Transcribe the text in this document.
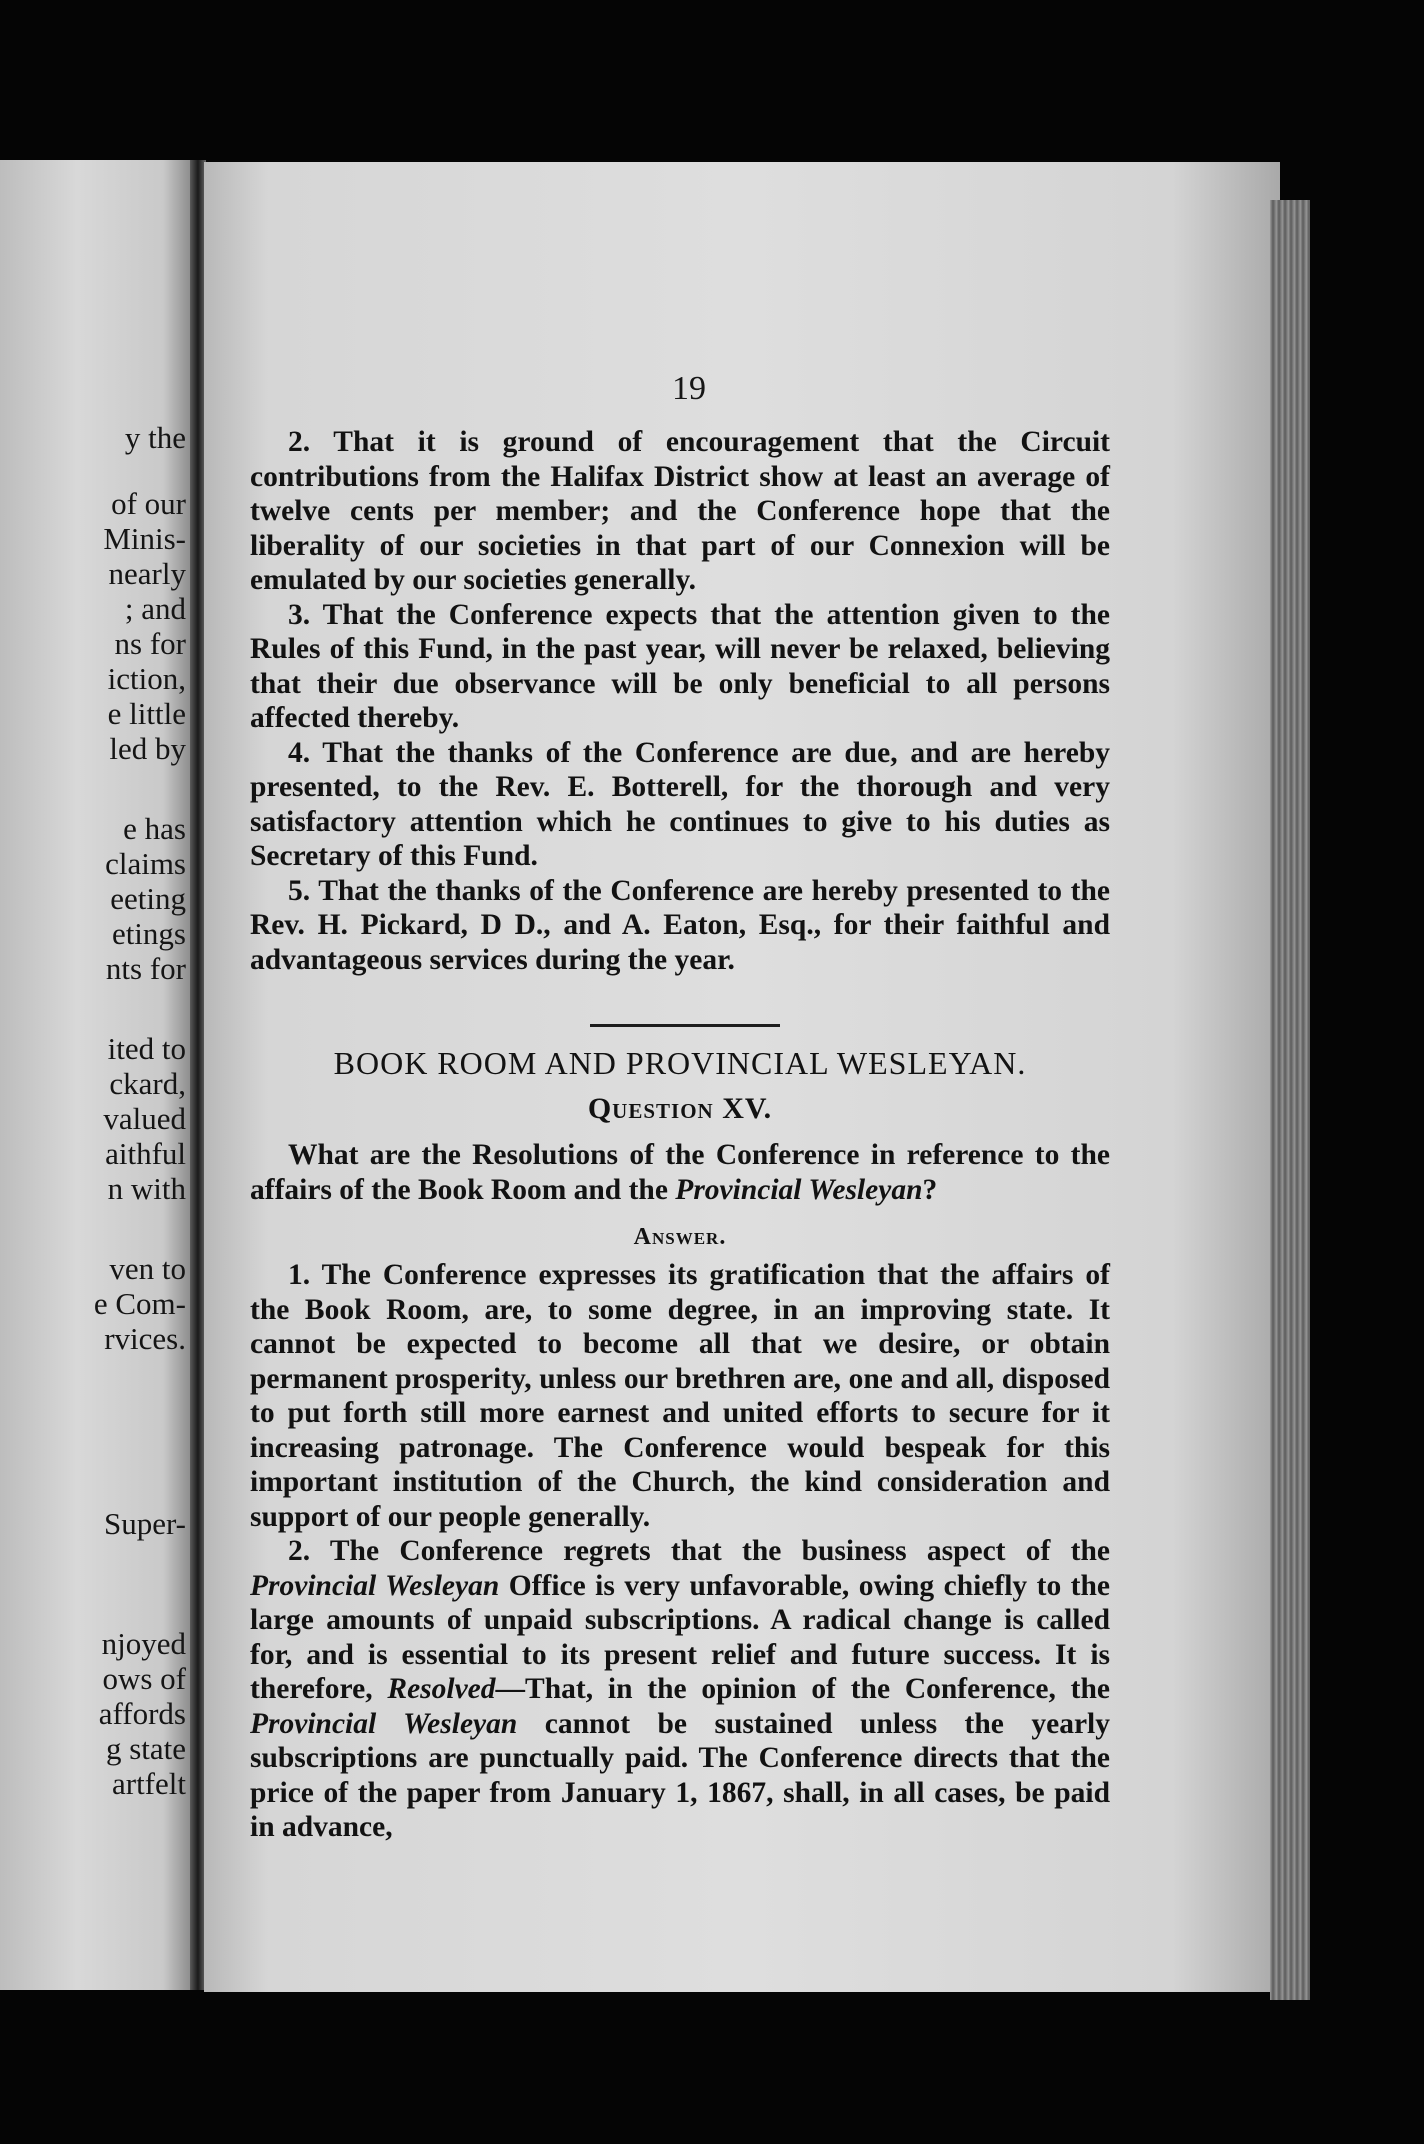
y the
of our
Minis-
nearly
; and
ns for
iction,
e little
led by
e has
claims
eeting
etings
nts for
ited to
ckard,
valued
aithful
n with
ven to
e Com-
rvices.
Super-
njoyed
ows of
affords
g state
artfelt
19

2. That it is ground of encouragement that the Circuit contributions from the Halifax District show at least an average of twelve cents per member; and the Conference hope that the liberality of our societies in that part of our Connexion will be emulated by our societies generally.

3. That the Conference expects that the attention given to the Rules of this Fund, in the past year, will never be relaxed, believing that their due observance will be only beneficial to all persons affected thereby.

4. That the thanks of the Conference are due, and are hereby presented, to the Rev. E. Botterell, for the thorough and very satisfactory attention which he continues to give to his duties as Secretary of this Fund.

5. That the thanks of the Conference are hereby presented to the Rev. H. Pickard, D D., and A. Eaton, Esq., for their faithful and advantageous services during the year.

BOOK ROOM AND PROVINCIAL WESLEYAN.
Question XV.

What are the Resolutions of the Conference in reference to the affairs of the Book Room and the Provincial Wesleyan?

Answer.

1. The Conference expresses its gratification that the affairs of the Book Room, are, to some degree, in an improving state. It cannot be expected to become all that we desire, or obtain permanent prosperity, unless our brethren are, one and all, disposed to put forth still more earnest and united efforts to secure for it increasing patronage. The Conference would bespeak for this important institution of the Church, the kind consideration and support of our people generally.

2. The Conference regrets that the business aspect of the Provincial Wesleyan Office is very unfavorable, owing chiefly to the large amounts of unpaid subscriptions. A radical change is called for, and is essential to its present relief and future success. It is therefore, Resolved—That, in the opinion of the Conference, the Provincial Wesleyan cannot be sustained unless the yearly subscriptions are punctually paid. The Conference directs that the price of the paper from January 1, 1867, shall, in all cases, be paid in advance,
